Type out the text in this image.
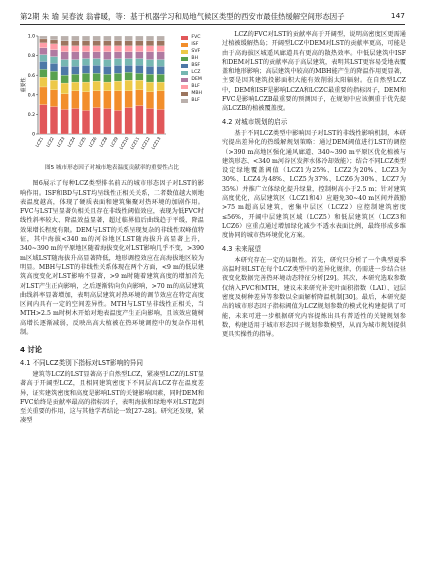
第2期 朱 瑜 吴春波 翁睿暖，等：基于机器学习和局地气候区类型的西安市最佳热缓解空间形态因子	147
0
0.2
0.4
0.6
0.8
1.0
重要性
LCZ1 LCZ2 LCZ3 LCZ4 LCZ5 LCZ6 LCZ8 LCZ9 LCZ10 LCZ11 LCZ12 LCZ13
FVC
ISF
SVF
BH
BSF
LCZ
DEM
BLF
MBH
BLF
图5 城市形态因子对城市地表温度贡献率的重要性占比

图6展示了每种LCZ类型排名前五的城市形态因子对LST的影响作用。ISF和BD与LST均呈线性正相关关系，二者数值越大则地表温度越高，体现了硬质表面和建筑集聚对热环境的加剧作用。FVC与LST呈显著负相关且存在非线性阈值效应，表现为低FVC时线性斜率较大、降温效益显著，超过临界值后曲线趋于平缓，降温效果增长程度有限。DEM与LST的关系呈现复杂的非线性双峰值特征，其中海拔<340 m的河谷地区LST随海拔升高显著上升，340~390 m的平原地区随着海拔变化对LST影响几乎不变，>390 m区域LST随海拔升高显著降低，地形调控效应在高海拔地区较为明显。MBH与LST的非线性关系体现在两个方面，<9 m的低层建筑高度变化对LST影响不显著，>9 m时随着建筑高度的增加首先对LST产生正向影响，之后逐渐转向负向影响，>70 m的高层建筑曲线斜率显著增加，表明高层建筑对热环境的调节效应在特定高度区间内具有一定的空间差异性。MTH与LST呈非线性正相关，当MTH>2.5 m时树木开始对地表温度产生正向影响，且该效应随树高增长逐渐减弱，反映出高大植被在热环境调控中的复杂作用机制。

4 讨论
4.1 不同LCZ类别下指标对LST影响的异同

建筑等LCZ的LST显著高于自然型LCZ，紧凑型LCZ的LST显著高于开阔型LCZ，且相同建筑密度下不同层高LCZ存在温度差异，证实建筑密度和高度是影响LST的关键影响因素，同时DEM和FVC始终是贡献率最高的指标因子，表明海拔和绿地率对LST起到至关重要的作用，这与其他学者结论一致[27-28]。研究还发现，紧凑型

LCZ的FVC对LST的贡献率高于开阔型，说明高密度区更需通过植被缓解热岛；开阔型LCZ中DEM对LST的贡献率更高，可能是由于高海拔区城遥风廊道具有更高的散热效率。中低层建筑中ISF和DEM对LST的贡献率高于高层建筑，表明其LST更容易受地表覆盖和地形影响；高层建筑中较高的MBH能产生的降温作用更显著，主要是因其建筑投影面积大能有效削弱太阳辐射。在自然型LCZ中，DEM和ISF是影响LCZA和LCZC最重要的指标因子，DEM和FVC是影响LCZB最重要的预测因子，在规划中应该侧重于优先提高LCZB的植被覆盖度。

4.2 对城市规划的启示

基于不同LCZ类型中影响因子对LST的非线性影响机制，本研究提出差异化的热缓解规划策略：通过DEM阈值进行LST的调控（>390 m高地区强化通风廊道、340~390 m平原区优化植被与建筑形态、<340 m河谷区发挥水体冷却效能）；结合不同LCZ类型设定绿地覆盖阈值（LCZ1为25%、LCZ2为20%、LCZ3为30%、LCZ4为48%、LCZ5为37%、LCZ6为30%、LCZ7为35%）并推广立体绿化提升绿量，控制树高小于2.5 m；针对建筑高度优化，高层建筑区（LCZ1和4）应避免30~40 m区间并鼓励>75 m超高层建筑，密集中层区（LCZ2）应控制建筑密度≤56%，开阔中层建筑区域（LCZ5）和低层建筑区（LCZ3和LCZ6）应重点通过增加绿化减少不透水表面比例，最终形成多维度协同的城市热环境优化方案。

4.3 未来展望

本研究存在一定的局限性。首先，研究只分析了一个典型夏季高温时刻LST在每个LCZ类型中的差异化规律，仍需进一步结合昼夜变化数据完善热环境动态特征分析[29]。其次，本研究选取参数仅纳入FVC和MTH，建议未来研究补充叶面积指数（LAI）、冠层密度及树种差异等参数以全面解析降温机制[30]。最后，本研究提出的城市形态因子指标阈值为LCZ规划参数的模式化构建提供了可能，未来可进一步根据研究内容提炼出具有普适性的关键规划参数，构建适用于城市形态因子规划参数模型，从而为城市规划提供更具实操性的指导。
